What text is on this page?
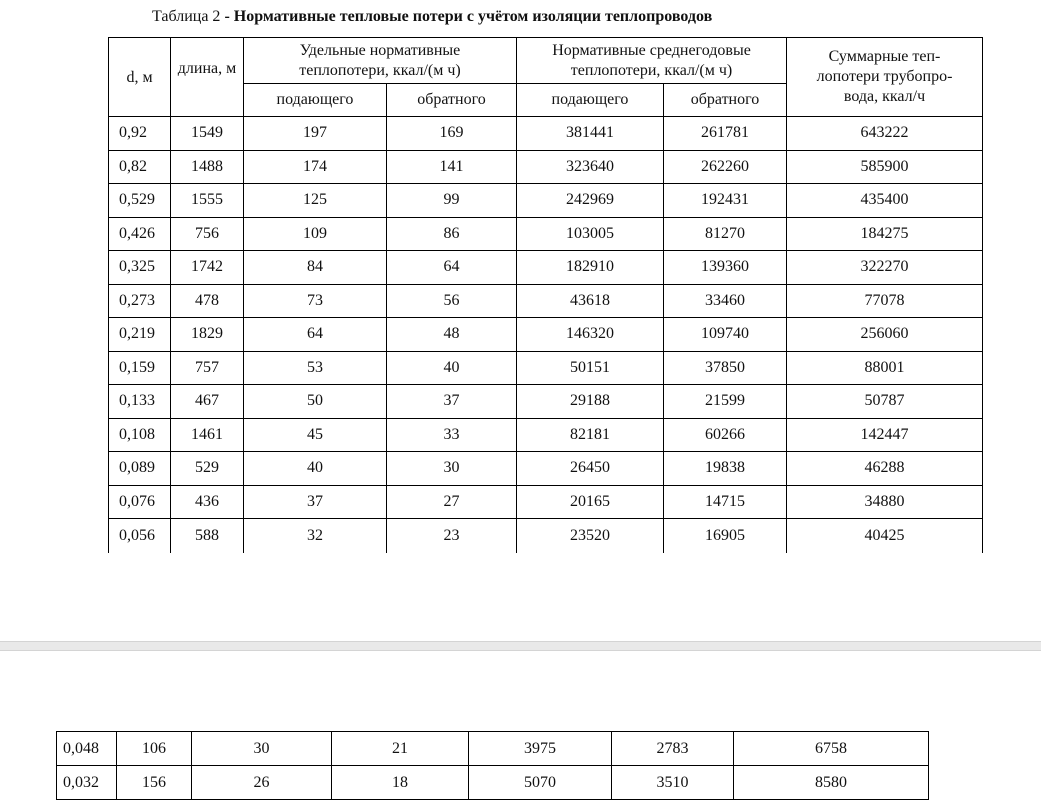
Таблица 2 - Нормативные тепловые потери с учётом изоляции теплопроводов
d, м	длина, м	Удельные нормативные теплопотери, ккал/(м ч)		Нормативные среднегодовые теплопотери, ккал/(м ч)		Суммарные теп-лопотери трубопро-вода, ккал/ч
		подающего	обратного	подающего	обратного	
0,92	1549	197	169	381441	261781	643222
0,82	1488	174	141	323640	262260	585900
0,529	1555	125	99	242969	192431	435400
0,426	756	109	86	103005	81270	184275
0,325	1742	84	64	182910	139360	322270
0,273	478	73	56	43618	33460	77078
0,219	1829	64	48	146320	109740	256060
0,159	757	53	40	50151	37850	88001
0,133	467	50	37	29188	21599	50787
0,108	1461	45	33	82181	60266	142447
0,089	529	40	30	26450	19838	46288
0,076	436	37	27	20165	14715	34880
0,056	588	32	23	23520	16905	40425
0,048	106	30	21	3975	2783	6758
0,032	156	26	18	5070	3510	8580
